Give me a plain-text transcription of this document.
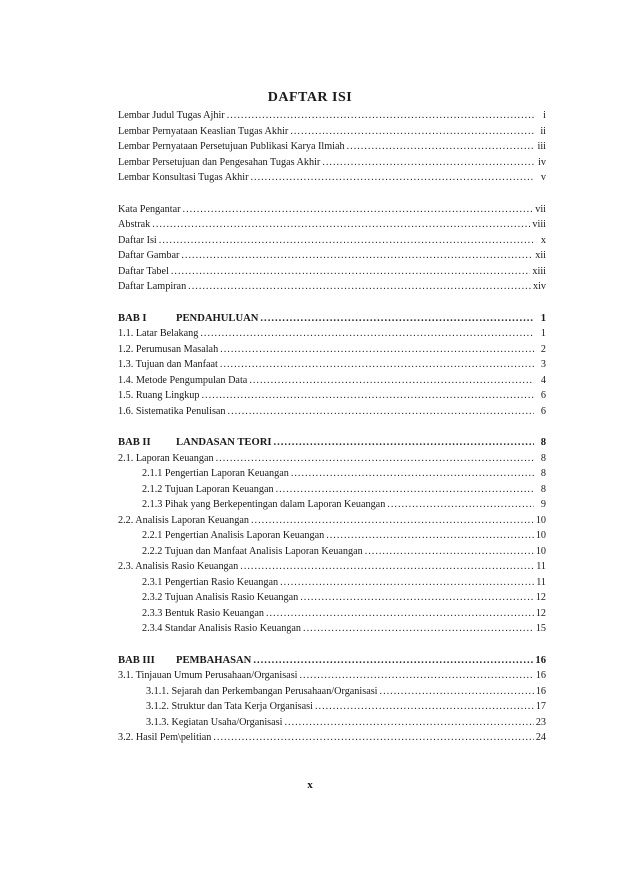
DAFTAR ISI
Lembar Judul Tugas Ajhir .....	i
Lembar Pernyataan Keaslian Tugas Akhir .....	ii
Lembar Pernyataan Persetujuan Publikasi Karya Ilmiah .....	iii
Lembar Persetujuan dan Pengesahan Tugas Akhir .....	iv
Lembar Konsultasi Tugas Akhir .....	v
Kata Pengantar .....	vii
Abstrak .....	viii
Daftar Isi .....	x
Daftar Gambar .....	xii
Daftar Tabel .....	xiii
Daftar Lampiran .....	xiv
BAB I	PENDAHULUAN .....	1
1.1. Latar Belakang .....	1
1.2. Perumusan Masalah .....	2
1.3. Tujuan dan Manfaat .....	3
1.4. Metode Pengumpulan Data .....	4
1.5. Ruang Lingkup .....	6
1.6. Sistematika Penulisan .....	6
BAB II LANDASAN TEORI .....	8
2.1. Laporan Keuangan .....	8
2.1.1 Pengertian Laporan Keuangan .....	8
2.1.2 Tujuan Laporan Keuangan .....	8
2.1.3 Pihak yang Berkepentingan dalam Laporan Keuangan .....	9
2.2. Analisis Laporan Keuangan .....	10
2.2.1 Pengertian Analisis Laporan Keuangan .....	10
2.2.2 Tujuan dan Manfaat Analisis Laporan Keuangan .....	10
2.3. Analisis Rasio Keuangan .....	11
2.3.1 Pengertian Rasio Keuangan .....	11
2.3.2 Tujuan Analisis Rasio Keuangan .....	12
2.3.3 Bentuk Rasio Keuangan .....	12
2.3.4 Standar Analisis Rasio Keuangan .....	15
BAB III PEMBAHASAN .....	16
3.1. Tinjauan Umum Perusahaan/Organisasi .....	16
3.1.1. Sejarah dan Perkembangan Perusahaan/Organisasi .....	16
3.1.2. Struktur dan Tata Kerja Organisasi .....	17
3.1.3. Kegiatan Usaha/Organisasi .....	23
3.2. Hasil Pem\pelitian .....	24
x
